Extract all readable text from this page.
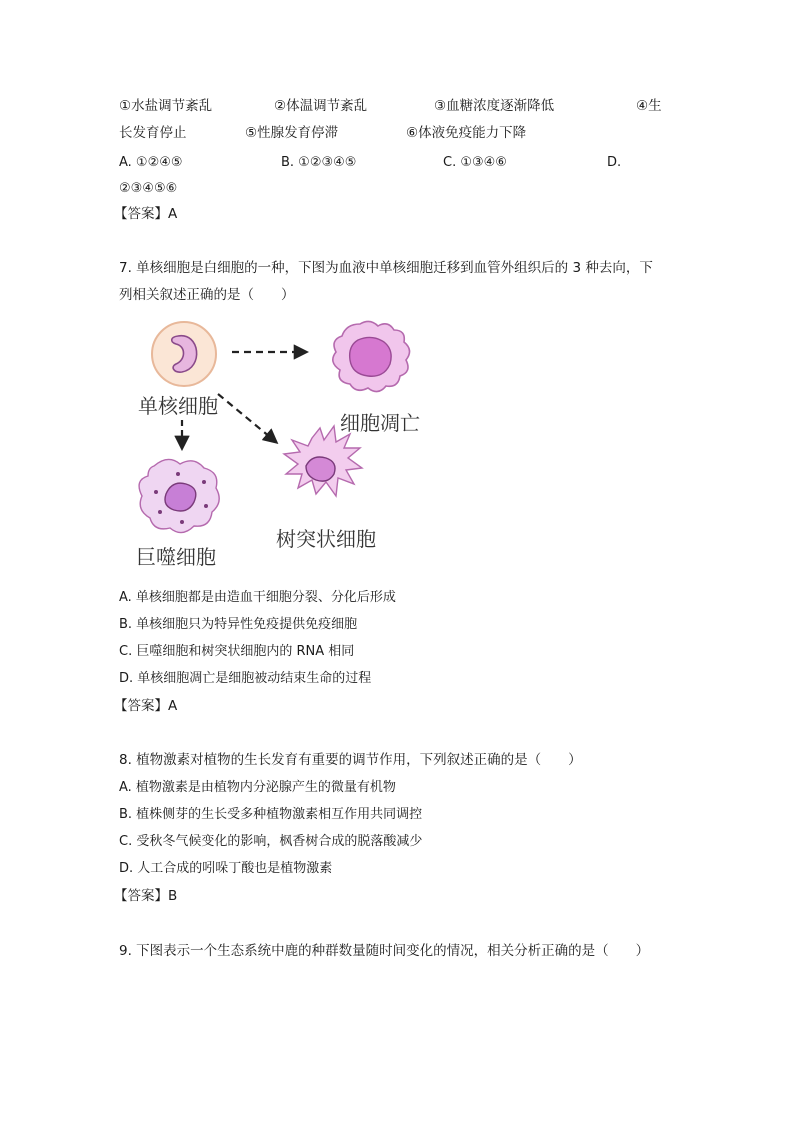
①水盐调节紊乱	②体温调节紊乱	③血糖浓度逐渐降低	④生
长发育停止	⑤性腺发育停滞	⑥体液免疫能力下降
A. ①②④⑤	B. ①②③④⑤	C. ①③④⑥	D.
②③④⑤⑥
【答案】A
7. 单核细胞是白细胞的一种，下图为血液中单核细胞迁移到血管外组织后的 3 种去向，下
列相关叙述正确的是（　　）
单核细胞
细胞凋亡
树突状细胞
巨噬细胞
A. 单核细胞都是由造血干细胞分裂、分化后形成
B. 单核细胞只为特异性免疫提供免疫细胞
C. 巨噬细胞和树突状细胞内的 RNA 相同
D. 单核细胞凋亡是细胞被动结束生命的过程
【答案】A
8. 植物激素对植物的生长发育有重要的调节作用，下列叙述正确的是（　　）
A. 植物激素是由植物内分泌腺产生的微量有机物
B. 植株侧芽的生长受多种植物激素相互作用共同调控
C. 受秋冬气候变化的影响，枫香树合成的脱落酸减少
D. 人工合成的吲哚丁酸也是植物激素
【答案】B
9. 下图表示一个生态系统中鹿的种群数量随时间变化的情况，相关分析正确的是（　　）
